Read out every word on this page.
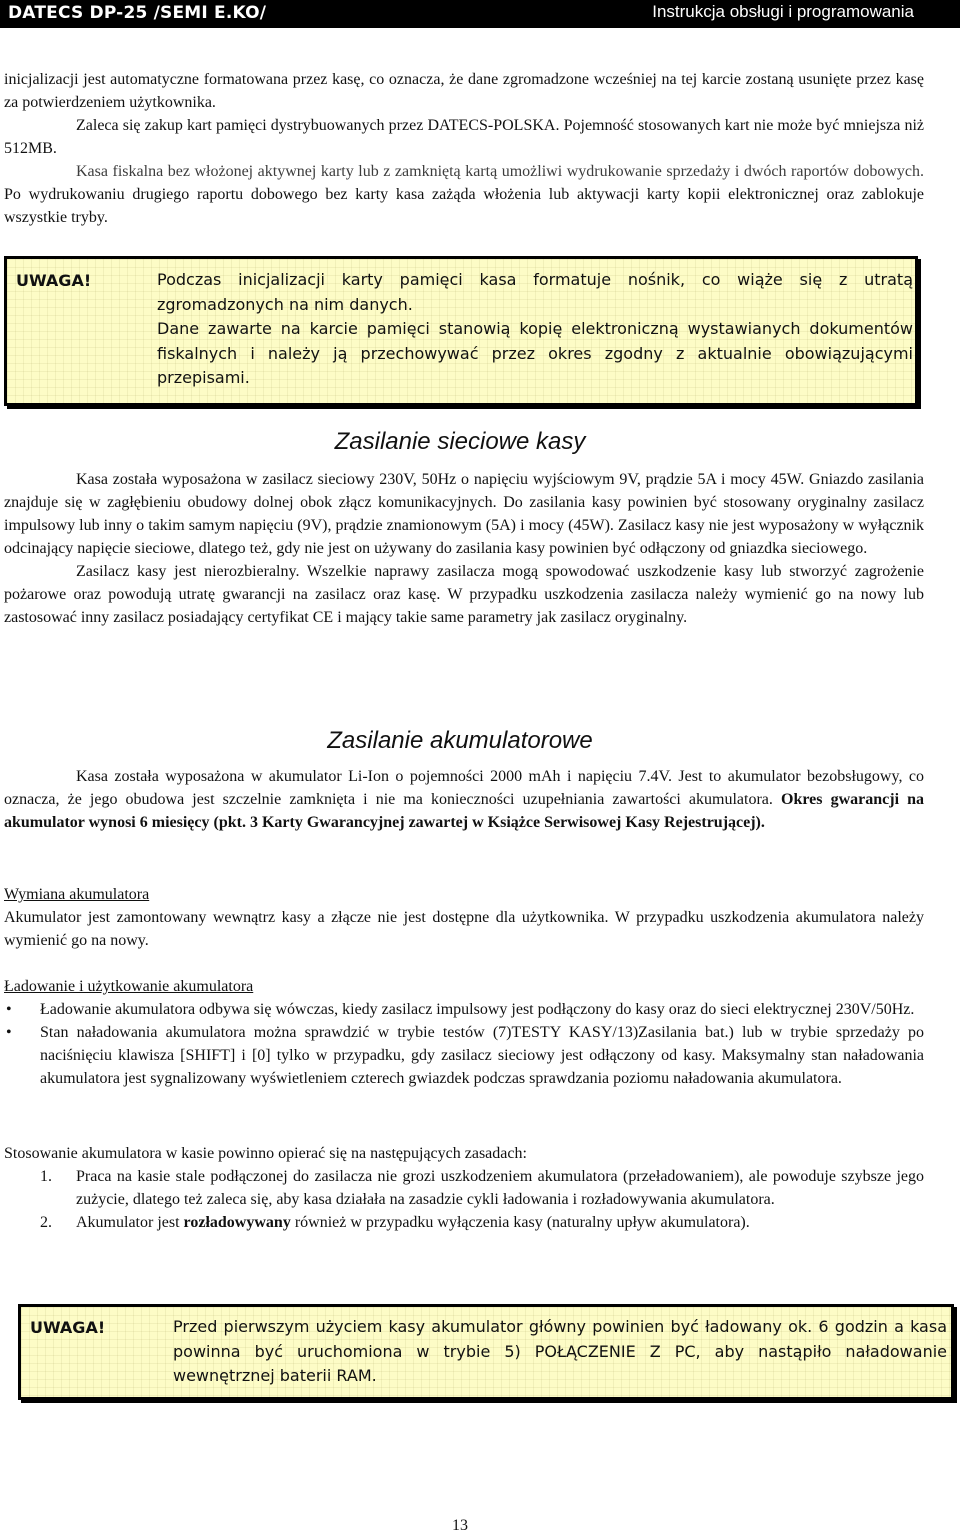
DATECS DP-25 /SEMI E.KO/	Instrukcja obsługi i programowania

inicjalizacji jest automatyczne formatowana przez kasę, co oznacza, że dane zgromadzone wcześniej na tej karcie zostaną usunięte przez kasę za potwierdzeniem użytkownika.

Zaleca się zakup kart pamięci dystrybuowanych przez DATECS-POLSKA. Pojemność stosowanych kart nie może być mniejsza niż 512MB.

Kasa fiskalna bez włożonej aktywnej karty lub z zamkniętą kartą umożliwi wydrukowanie sprzedaży i dwóch raportów dobowych. Po wydrukowaniu drugiego raportu dobowego bez karty kasa zażąda włożenia lub aktywacji karty kopii elektronicznej oraz zablokuje wszystkie tryby.

UWAGA!	Podczas inicjalizacji karty pamięci kasa formatuje nośnik, co wiąże się z utratą zgromadzonych na nim danych.

Dane zawarte na karcie pamięci stanowią kopię elektroniczną wystawianych dokumentów fiskalnych i należy ją przechowywać przez okres zgodny z aktualnie obowiązującymi przepisami.

Zasilanie sieciowe kasy

Kasa została wyposażona w zasilacz sieciowy 230V, 50Hz o napięciu wyjściowym 9V, prądzie 5A i mocy 45W. Gniazdo zasilania znajduje się w zagłębieniu obudowy dolnej obok złącz komunikacyjnych. Do zasilania kasy powinien być stosowany oryginalny zasilacz impulsowy lub inny o takim samym napięciu (9V), prądzie znamionowym (5A) i mocy (45W). Zasilacz kasy nie jest wyposażony w wyłącznik odcinający napięcie sieciowe, dlatego też, gdy nie jest on używany do zasilania kasy powinien być odłączony od gniazdka sieciowego.

Zasilacz kasy jest nierozbieralny. Wszelkie naprawy zasilacza mogą spowodować uszkodzenie kasy lub stworzyć zagrożenie pożarowe oraz powodują utratę gwarancji na zasilacz oraz kasę. W przypadku uszkodzenia zasilacza należy wymienić go na nowy lub zastosować inny zasilacz posiadający certyfikat CE i mający takie same parametry jak zasilacz oryginalny.

Zasilanie akumulatorowe

Kasa została wyposażona w akumulator Li-Ion o pojemności 2000 mAh i napięciu 7.4V. Jest to akumulator bezobsługowy, co oznacza, że jego obudowa jest szczelnie zamknięta i nie ma konieczności uzupełniania zawartości akumulatora. Okres gwarancji na akumulator wynosi 6 miesięcy (pkt. 3 Karty Gwarancyjnej zawartej w Książce Serwisowej Kasy Rejestrującej).

Wymiana akumulatora
Akumulator jest zamontowany wewnątrz kasy a złącze nie jest dostępne dla użytkownika. W przypadku uszkodzenia akumulatora należy wymienić go na nowy.
Ładowanie i użytkowanie akumulatora
• Ładowanie akumulatora odbywa się wówczas, kiedy zasilacz impulsowy jest podłączony do kasy oraz do sieci elektrycznej 230V/50Hz.
• Stan naładowania akumulatora można sprawdzić w trybie testów (7)TESTY KASY/13)Zasilania bat.) lub w trybie sprzedaży po naciśnięciu klawisza [SHIFT] i [0] tylko w przypadku, gdy zasilacz sieciowy jest odłączony od kasy. Maksymalny stan naładowania akumulatora jest sygnalizowany wyświetleniem czterech gwiazdek podczas sprawdzania poziomu naładowania akumulatora.
Stosowanie akumulatora w kasie powinno opierać się na następujących zasadach:
1. Praca na kasie stale podłączonej do zasilacza nie grozi uszkodzeniem akumulatora (przeładowaniem), ale powoduje szybsze jego zużycie, dlatego też zaleca się, aby kasa działała na zasadzie cykli ładowania i rozładowywania akumulatora.
2. Akumulator jest rozładowywany również w przypadku wyłączenia kasy (naturalny upływ akumulatora).
UWAGA!	Przed pierwszym użyciem kasy akumulator główny powinien być ładowany ok. 6 godzin a kasa powinna być uruchomiona w trybie 5) POŁĄCZENIE Z PC, aby nastąpiło naładowanie wewnętrznej baterii RAM.
13
